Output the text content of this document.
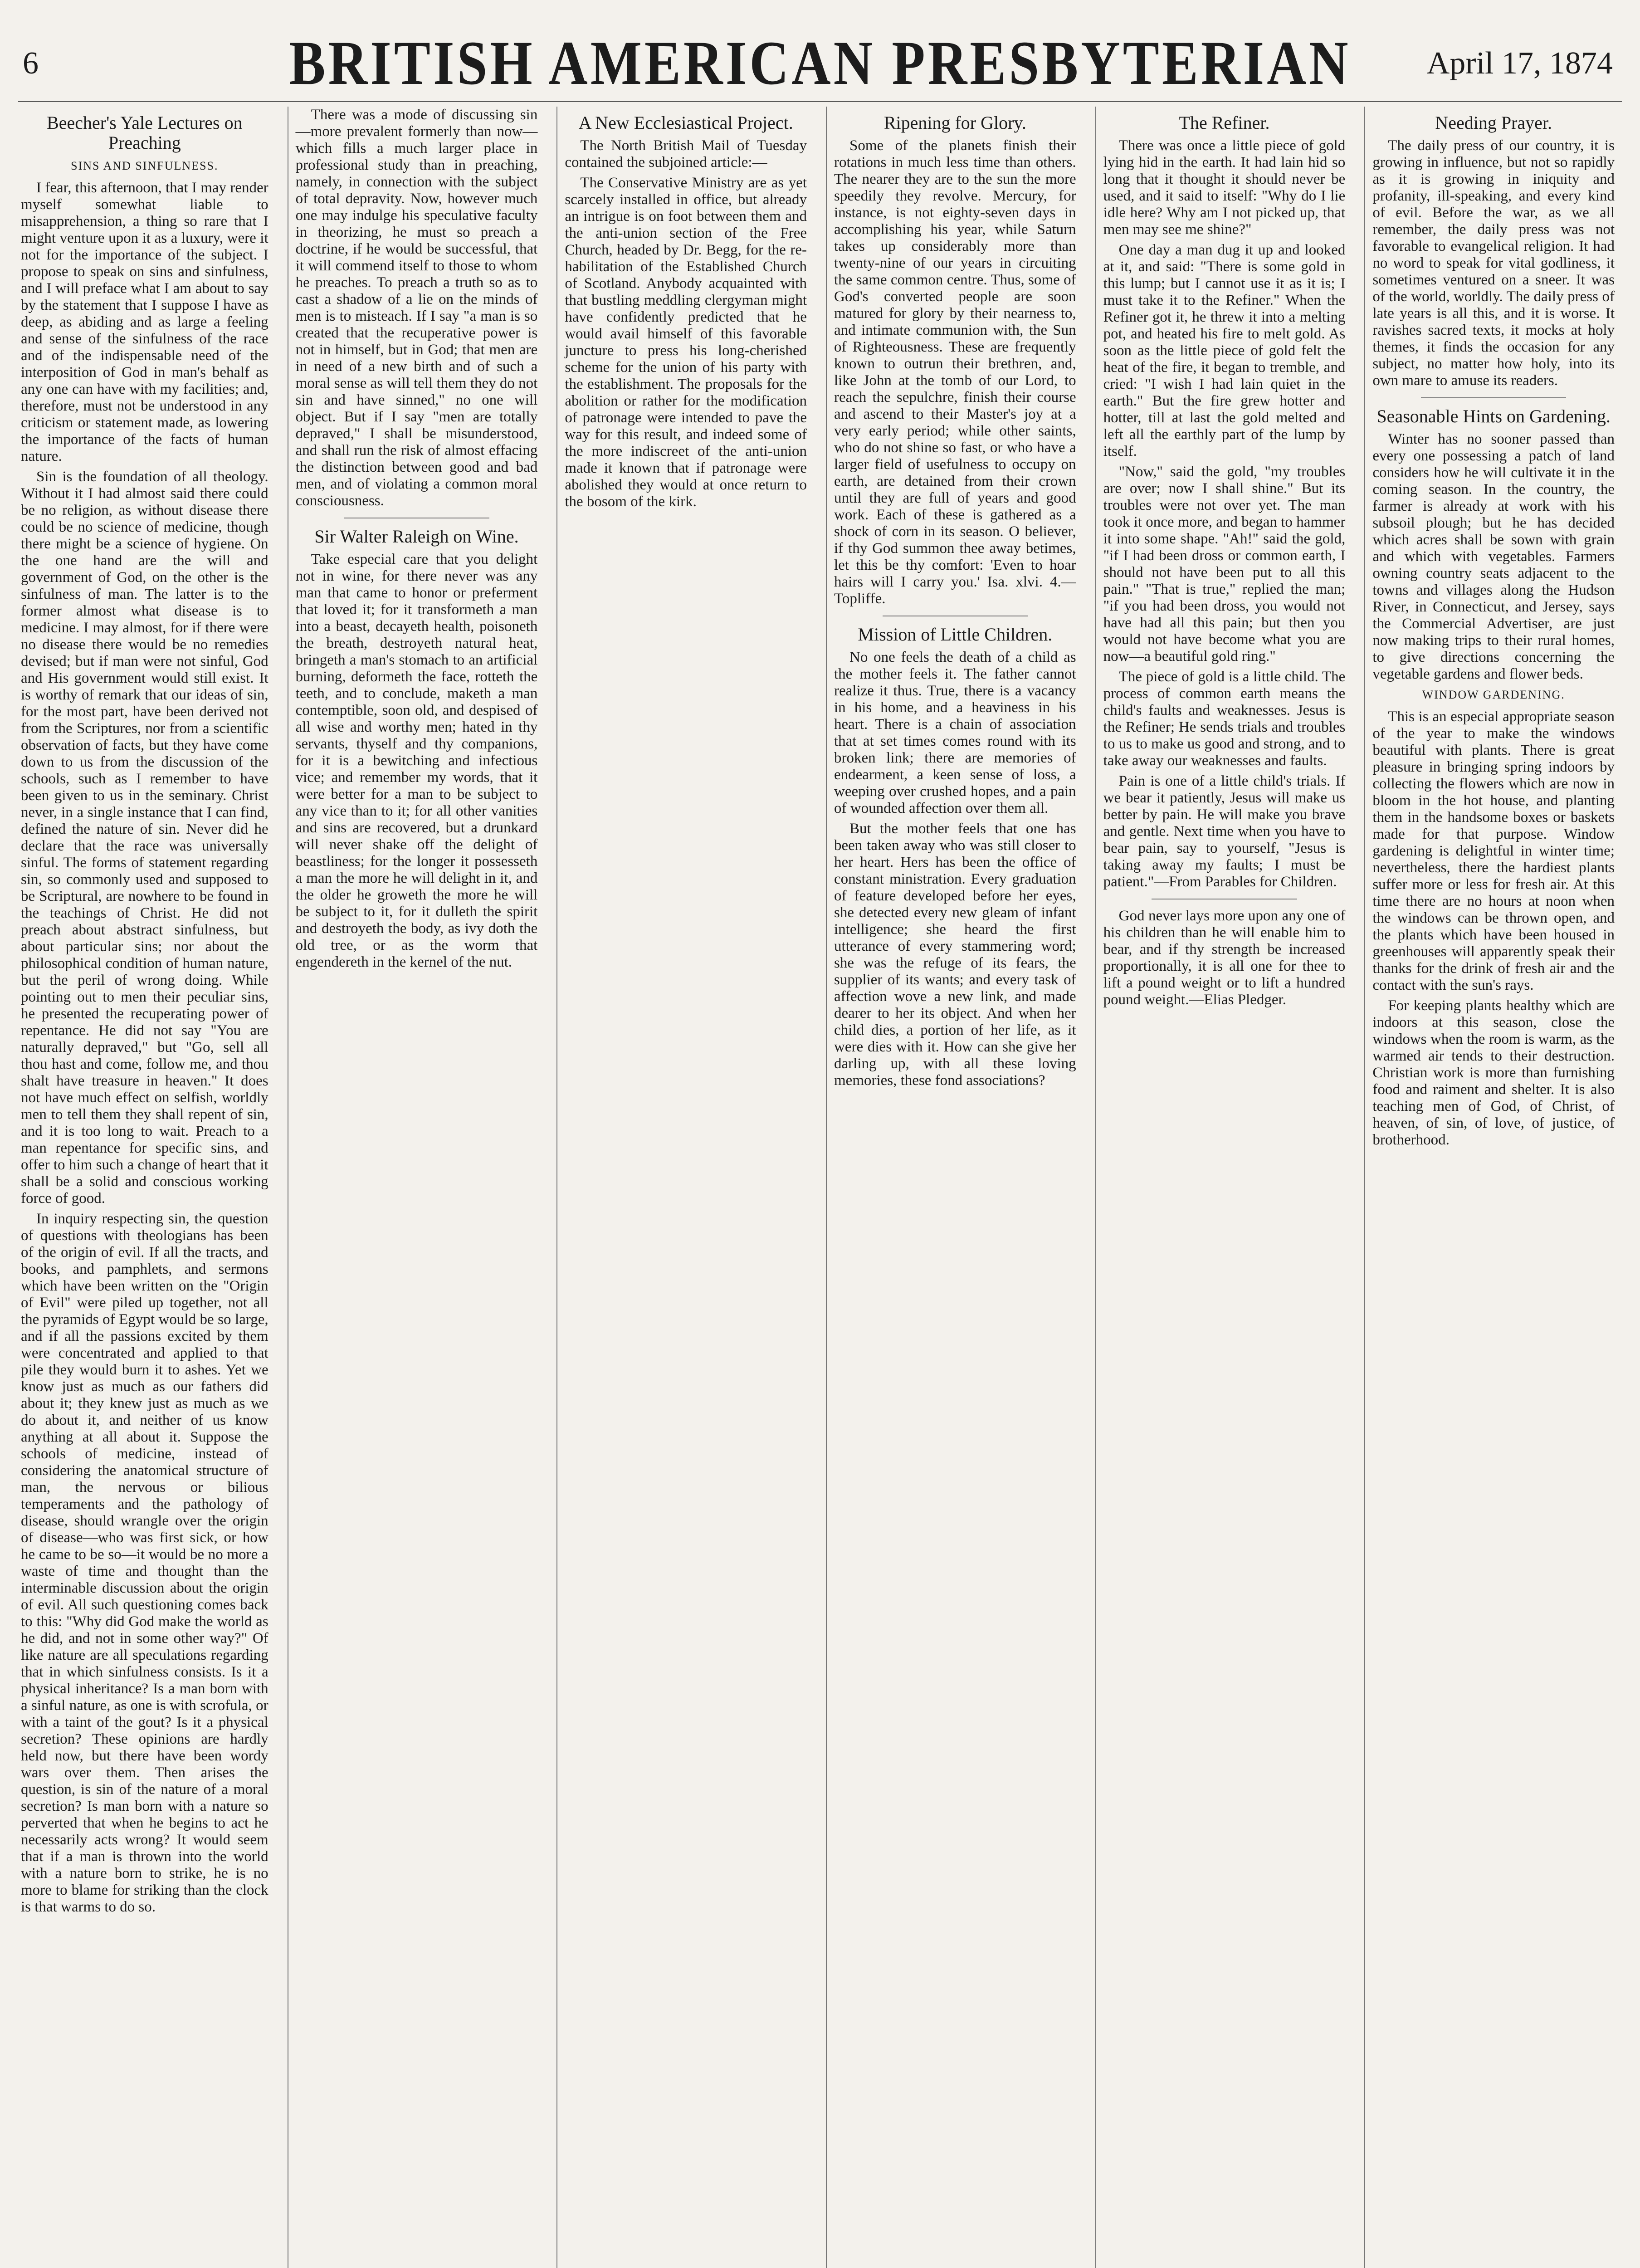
6	BRITISH AMERICAN PRESBYTERIAN	April 17, 1874
Beecher's Yale Lectures on Preaching
SINS AND SINFULNESS.

I fear, this afternoon, that I may render myself somewhat liable to misapprehension, a thing so rare that I might venture upon it as a luxury, were it not for the importance of the subject. I propose to speak on sins and sinfulness, and I will preface what I am about to say by the statement that I suppose I have as deep, as abiding and as large a feeling and sense of the sinfulness of the race and of the indispensable need of the interposition of God in man's behalf as any one can have with my facilities; and, therefore, must not be understood in any criticism or statement made, as lowering the importance of the facts of human nature.

Sin is the foundation of all theology. Without it I had almost said there could be no religion, as without disease there could be no science of medicine, though there might be a science of hygiene. On the one hand are the will and government of God, on the other is the sinfulness of man. The latter is to the former almost what disease is to medicine. I may almost, for if there were no disease there would be no remedies devised; but if man were not sinful, God and His government would still exist. It is worthy of remark that our ideas of sin, for the most part, have been derived not from the Scriptures, nor from a scientific observation of facts, but they have come down to us from the discussion of the schools, such as I remember to have been given to us in the seminary. Christ never, in a single instance that I can find, defined the nature of sin. Never did he declare that the race was universally sinful. The forms of statement regarding sin, so commonly used and supposed to be Scriptural, are nowhere to be found in the teachings of Christ. He did not preach about abstract sinfulness, but about particular sins; nor about the philosophical condition of human nature, but the peril of wrong doing. While pointing out to men their peculiar sins, he presented the recuperating power of repentance. He did not say "You are naturally depraved," but "Go, sell all thou hast and come, follow me, and thou shalt have treasure in heaven." It does not have much effect on selfish, worldly men to tell them they shall repent of sin, and it is too long to wait. Preach to a man repentance for specific sins, and offer to him such a change of heart that it shall be a solid and conscious working force of good.

In inquiry respecting sin, the question of questions with theologians has been of the origin of evil. If all the tracts, and books, and pamphlets, and sermons which have been written on the "Origin of Evil" were piled up together, not all the pyramids of Egypt would be so large, and if all the passions excited by them were concentrated and applied to that pile they would burn it to ashes. Yet we know just as much as our fathers did about it; they knew just as much as we do about it, and neither of us know anything at all about it. Suppose the schools of medicine, instead of considering the anatomical structure of man, the nervous or bilious temperaments and the pathology of disease, should wrangle over the origin of disease—who was first sick, or how he came to be so—it would be no more a waste of time and thought than the interminable discussion about the origin of evil. All such questioning comes back to this: "Why did God make the world as he did, and not in some other way?" Of like nature are all speculations regarding that in which sinfulness consists. Is it a physical inheritance? Is a man born with a sinful nature, as one is with scrofula, or with a taint of the gout? Is it a physical secretion? These opinions are hardly held now, but there have been wordy wars over them. Then arises the question, is sin of the nature of a moral secretion? Is man born with a nature so perverted that when he begins to act he necessarily acts wrong? It would seem that if a man is thrown into the world with a nature born to strike, he is no more to blame for striking than the clock is that warms to do so.

There was a mode of discussing sin—more prevalent formerly than now—which fills a much larger place in professional study than in preaching, namely, in connection with the subject of total depravity. Now, however much one may indulge his speculative faculty in theorizing, he must so preach a doctrine, if he would be successful, that it will commend itself to those to whom he preaches. To preach a truth so as to cast a shadow of a lie on the minds of men is to misteach. If I say "a man is so created that the recuperative power is not in himself, but in God; that men are in need of a new birth and of such a moral sense as will tell them they do not sin and have sinned," no one will object. But if I say "men are totally depraved," I shall be misunderstood, and shall run the risk of almost effacing the distinction between good and bad men, and of violating a common moral consciousness.

Sir Walter Raleigh on Wine.

Take especial care that you delight not in wine, for there never was any man that came to honor or preferment that loved it; for it transformeth a man into a beast, decayeth health, poisoneth the breath, destroyeth natural heat, bringeth a man's stomach to an artificial burning, deformeth the face, rotteth the teeth, and to conclude, maketh a man contemptible, soon old, and despised of all wise and worthy men; hated in thy servants, thyself and thy companions, for it is a bewitching and infectious vice; and remember my words, that it were better for a man to be subject to any vice than to it; for all other vanities and sins are recovered, but a drunkard will never shake off the delight of beastliness; for the longer it possesseth a man the more he will delight in it, and the older he groweth the more he will be subject to it, for it dulleth the spirit and destroyeth the body, as ivy doth the old tree, or as the worm that engendereth in the kernel of the nut.

A New Ecclesiastical Project.

The North British Mail of Tuesday contained the subjoined article:—

The Conservative Ministry are as yet scarcely installed in office, but already an intrigue is on foot between them and the anti-union section of the Free Church, headed by Dr. Begg, for the re-habilitation of the Established Church of Scotland. Anybody acquainted with that bustling meddling clergyman might have confidently predicted that he would avail himself of this favorable juncture to press his long-cherished scheme for the union of his party with the establishment. The proposals for the abolition or rather for the modification of patronage were intended to pave the way for this result, and indeed some of the more indiscreet of the anti-union made it known that if patronage were abolished they would at once return to the bosom of the kirk.

Ripening for Glory.

Some of the planets finish their rotations in much less time than others. The nearer they are to the sun the more speedily they revolve. Mercury, for instance, is not eighty-seven days in accomplishing his year, while Saturn takes up considerably more than twenty-nine of our years in circuiting the same common centre. Thus, some of God's converted people are soon matured for glory by their nearness to, and intimate communion with, the Sun of Righteousness. These are frequently known to outrun their brethren, and, like John at the tomb of our Lord, to reach the sepulchre, finish their course and ascend to their Master's joy at a very early period; while other saints, who do not shine so fast, or who have a larger field of usefulness to occupy on earth, are detained from their crown until they are full of years and good work. Each of these is gathered as a shock of corn in its season. O believer, if thy God summon thee away betimes, let this be thy comfort: 'Even to hoar hairs will I carry you.' Isa. xlvi. 4.—Topliffe.

Mission of Little Children.

No one feels the death of a child as the mother feels it. The father cannot realize it thus. True, there is a vacancy in his home, and a heaviness in his heart. There is a chain of association that at set times comes round with its broken link; there are memories of endearment, a keen sense of loss, a weeping over crushed hopes, and a pain of wounded affection over them all.

But the mother feels that one has been taken away who was still closer to her heart. Hers has been the office of constant ministration. Every graduation of feature developed before her eyes, she detected every new gleam of infant intelligence; she heard the first utterance of every stammering word; she was the refuge of its fears, the supplier of its wants; and every task of affection wove a new link, and made dearer to her its object. And when her child dies, a portion of her life, as it were dies with it. How can she give her darling up, with all these loving memories, these fond associations?

The Refiner.

There was once a little piece of gold lying hid in the earth. It had lain hid so long that it thought it should never be used, and it said to itself: "Why do I lie idle here? Why am I not picked up, that men may see me shine?"

One day a man dug it up and looked at it, and said: "There is some gold in this lump; but I cannot use it as it is; I must take it to the Refiner." When the Refiner got it, he threw it into a melting pot, and heated his fire to melt gold. As soon as the little piece of gold felt the heat of the fire, it began to tremble, and cried: "I wish I had lain quiet in the earth." But the fire grew hotter and hotter, till at last the gold melted and left all the earthly part of the lump by itself.

"Now," said the gold, "my troubles are over; now I shall shine." But its troubles were not over yet. The man took it once more, and began to hammer it into some shape. "Ah!" said the gold, "if I had been dross or common earth, I should not have been put to all this pain." "That is true," replied the man; "if you had been dross, you would not have had all this pain; but then you would not have become what you are now—a beautiful gold ring."

The piece of gold is a little child. The process of common earth means the child's faults and weaknesses. Jesus is the Refiner; He sends trials and troubles to us to make us good and strong, and to take away our weaknesses and faults.

Pain is one of a little child's trials. If we bear it patiently, Jesus will make us better by pain. He will make you brave and gentle. Next time when you have to bear pain, say to yourself, "Jesus is taking away my faults; I must be patient."—From Parables for Children.

God never lays more upon any one of his children than he will enable him to bear, and if thy strength be increased proportionally, it is all one for thee to lift a pound weight or to lift a hundred pound weight.—Elias Pledger.

Needing Prayer.

The daily press of our country, it is growing in influence, but not so rapidly as it is growing in iniquity and profanity, ill-speaking, and every kind of evil. Before the war, as we all remember, the daily press was not favorable to evangelical religion. It had no word to speak for vital godliness, it sometimes ventured on a sneer. It was of the world, worldly. The daily press of late years is all this, and it is worse. It ravishes sacred texts, it mocks at holy themes, it finds the occasion for any subject, no matter how holy, into its own mare to amuse its readers.

Seasonable Hints on Gardening.

Winter has no sooner passed than every one possessing a patch of land considers how he will cultivate it in the coming season. In the country, the farmer is already at work with his subsoil plough; but he has decided which acres shall be sown with grain and which with vegetables. Farmers owning country seats adjacent to the towns and villages along the Hudson River, in Connecticut, and Jersey, says the Commercial Advertiser, are just now making trips to their rural homes, to give directions concerning the vegetable gardens and flower beds.

WINDOW GARDENING.

This is an especial appropriate season of the year to make the windows beautiful with plants. There is great pleasure in bringing spring indoors by collecting the flowers which are now in bloom in the hot house, and planting them in the handsome boxes or baskets made for that purpose. Window gardening is delightful in winter time; nevertheless, there the hardiest plants suffer more or less for fresh air. At this time there are no hours at noon when the windows can be thrown open, and the plants which have been housed in greenhouses will apparently speak their thanks for the drink of fresh air and the contact with the sun's rays.

For keeping plants healthy which are indoors at this season, close the windows when the room is warm, as the warmed air tends to their destruction. Christian work is more than furnishing food and raiment and shelter. It is also teaching men of God, of Christ, of heaven, of sin, of love, of justice, of brotherhood.
